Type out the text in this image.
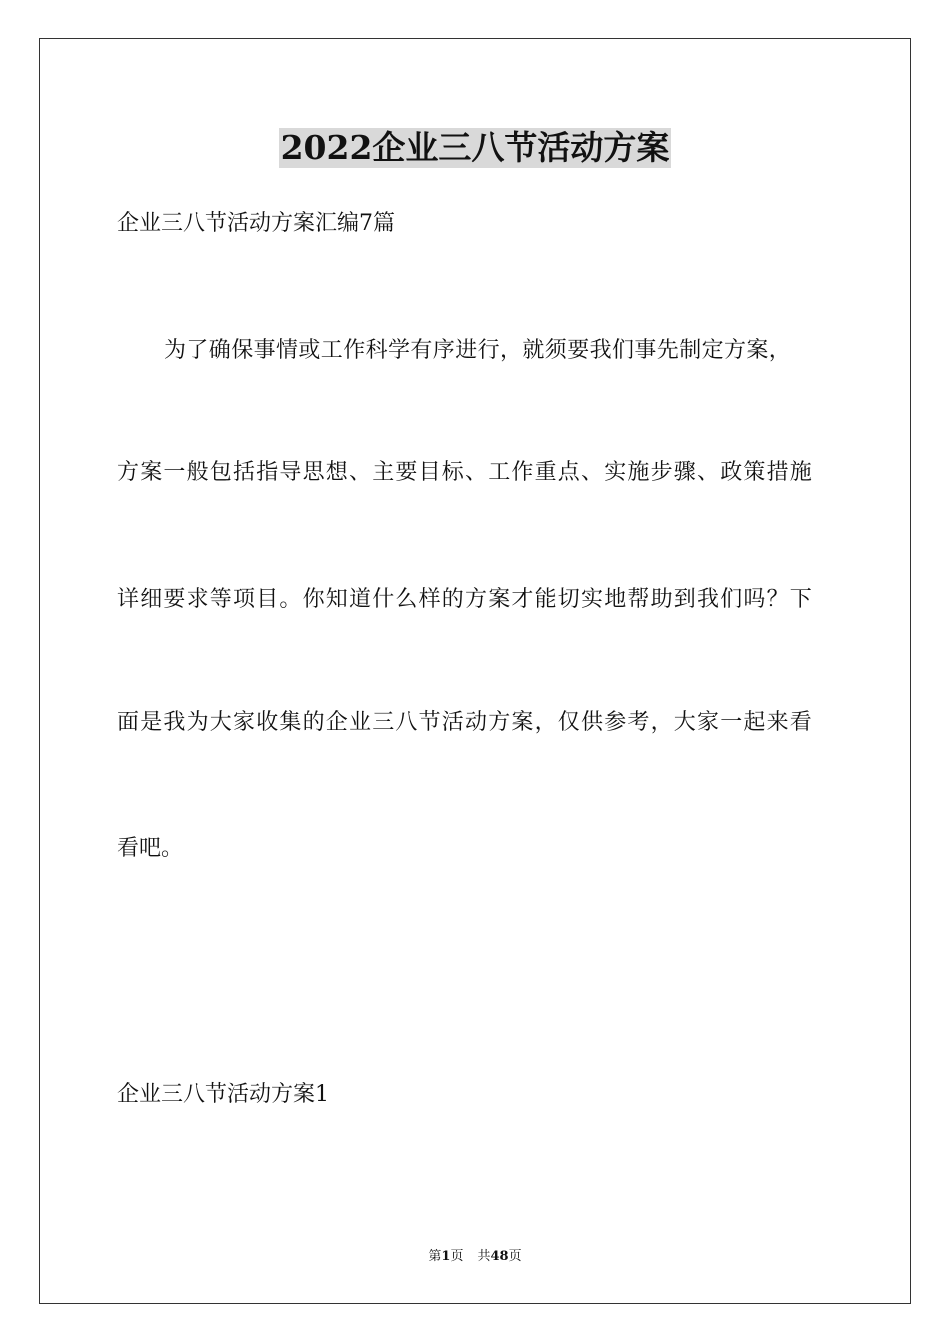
2022企业三八节活动方案
企业三八节活动方案汇编7篇
为了确保事情或工作科学有序进行，就须要我们事先制定方案，
方案一般包括指导思想、主要目标、工作重点、实施步骤、政策措施
详细要求等项目。你知道什么样的方案才能切实地帮助到我们吗？下
面是我为大家收集的企业三八节活动方案，仅供参考，大家一起来看
看吧。
企业三八节活动方案1
第1页 共48页
